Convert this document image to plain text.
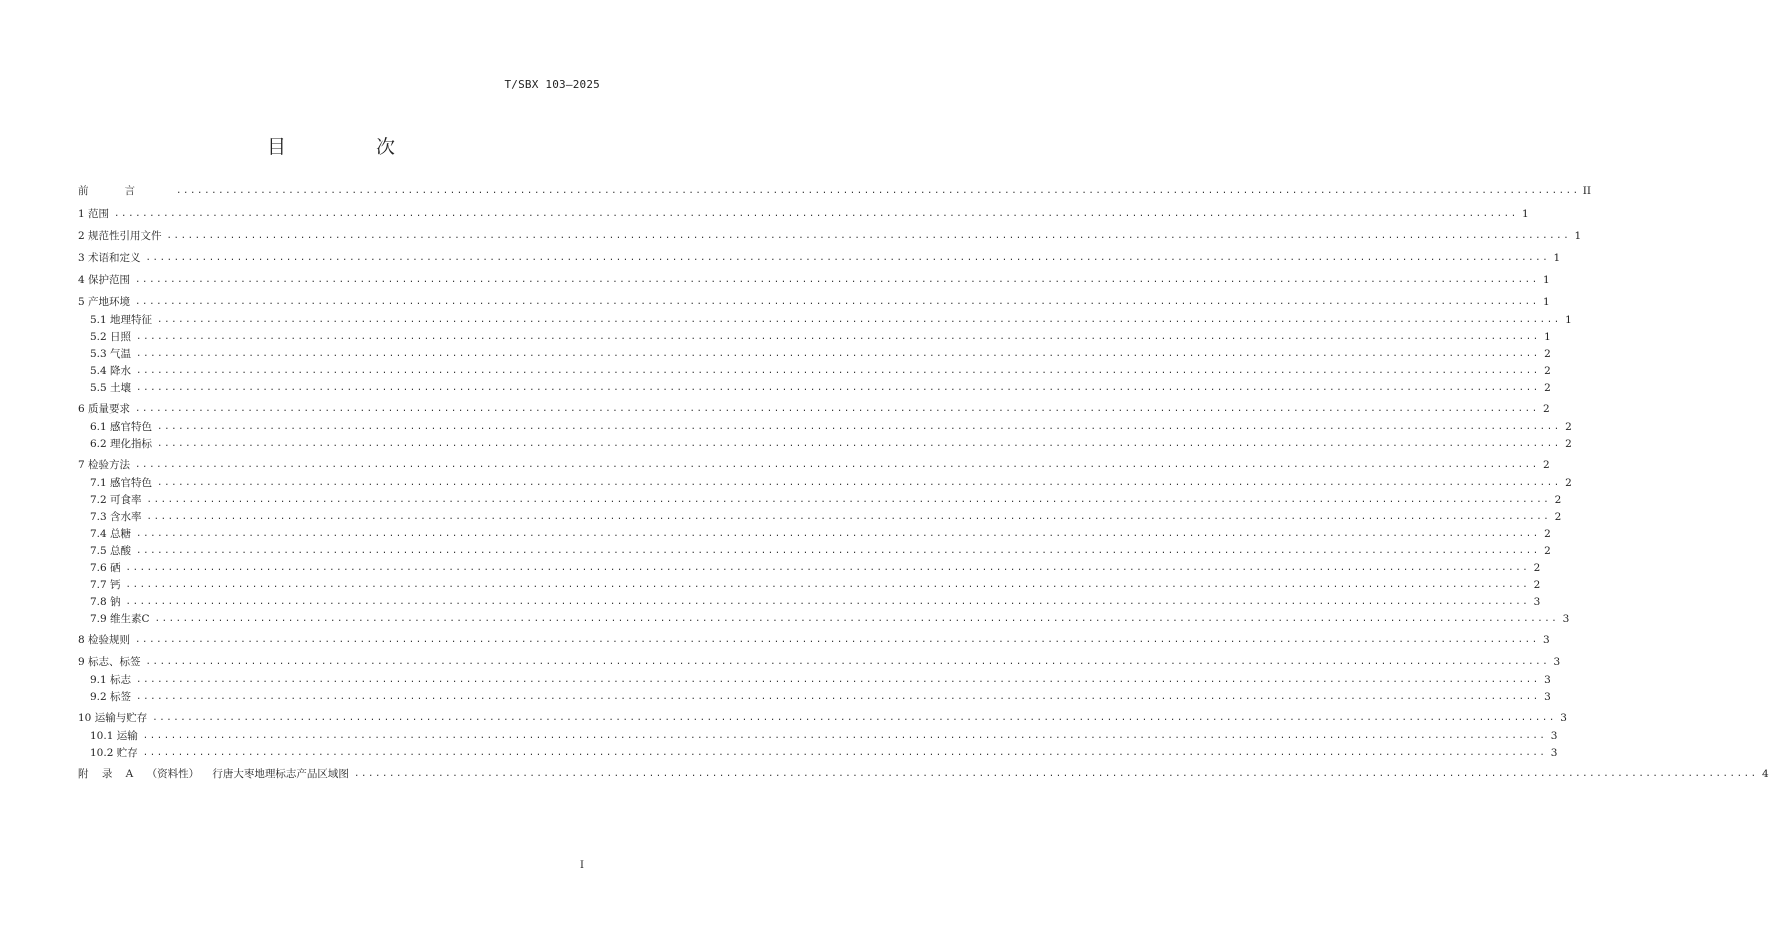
T/SBX 103—2025
目 次
前言 ........................................................................................................................................................................................................ II
1 范围 ........................................................................................................................................................................................................ 1
2 规范性引用文件 ........................................................................................................................................................................................................ 1
3 术语和定义 ........................................................................................................................................................................................................ 1
4 保护范围 ........................................................................................................................................................................................................ 1
5 产地环境 ........................................................................................................................................................................................................ 1
5.1 地理特征 ........................................................................................................................................................................................................ 1
5.2 日照 ........................................................................................................................................................................................................ 1
5.3 气温 ........................................................................................................................................................................................................ 2
5.4 降水 ........................................................................................................................................................................................................ 2
5.5 土壤 ........................................................................................................................................................................................................ 2
6 质量要求 ........................................................................................................................................................................................................ 2
6.1 感官特色 ........................................................................................................................................................................................................ 2
6.2 理化指标 ........................................................................................................................................................................................................ 2
7 检验方法 ........................................................................................................................................................................................................ 2
7.1 感官特色 ........................................................................................................................................................................................................ 2
7.2 可食率 ........................................................................................................................................................................................................ 2
7.3 含水率 ........................................................................................................................................................................................................ 2
7.4 总糖 ........................................................................................................................................................................................................ 2
7.5 总酸 ........................................................................................................................................................................................................ 2
7.6 硒 ........................................................................................................................................................................................................ 2
7.7 钙 ........................................................................................................................................................................................................ 2
7.8 钠 ........................................................................................................................................................................................................ 3
7.9 维生素C ........................................................................................................................................................................................................ 3
8 检验规则 ........................................................................................................................................................................................................ 3
9 标志、标签 ........................................................................................................................................................................................................ 3
9.1 标志 ........................................................................................................................................................................................................ 3
9.2 标签 ........................................................................................................................................................................................................ 3
10 运输与贮存 ........................................................................................................................................................................................................ 3
10.1 运输 ........................................................................................................................................................................................................ 3
10.2 贮存 ........................................................................................................................................................................................................ 3
附 录 A （资料性） 行唐大枣地理标志产品区域图 ........................................................................................................................................................................................................ 4
I
